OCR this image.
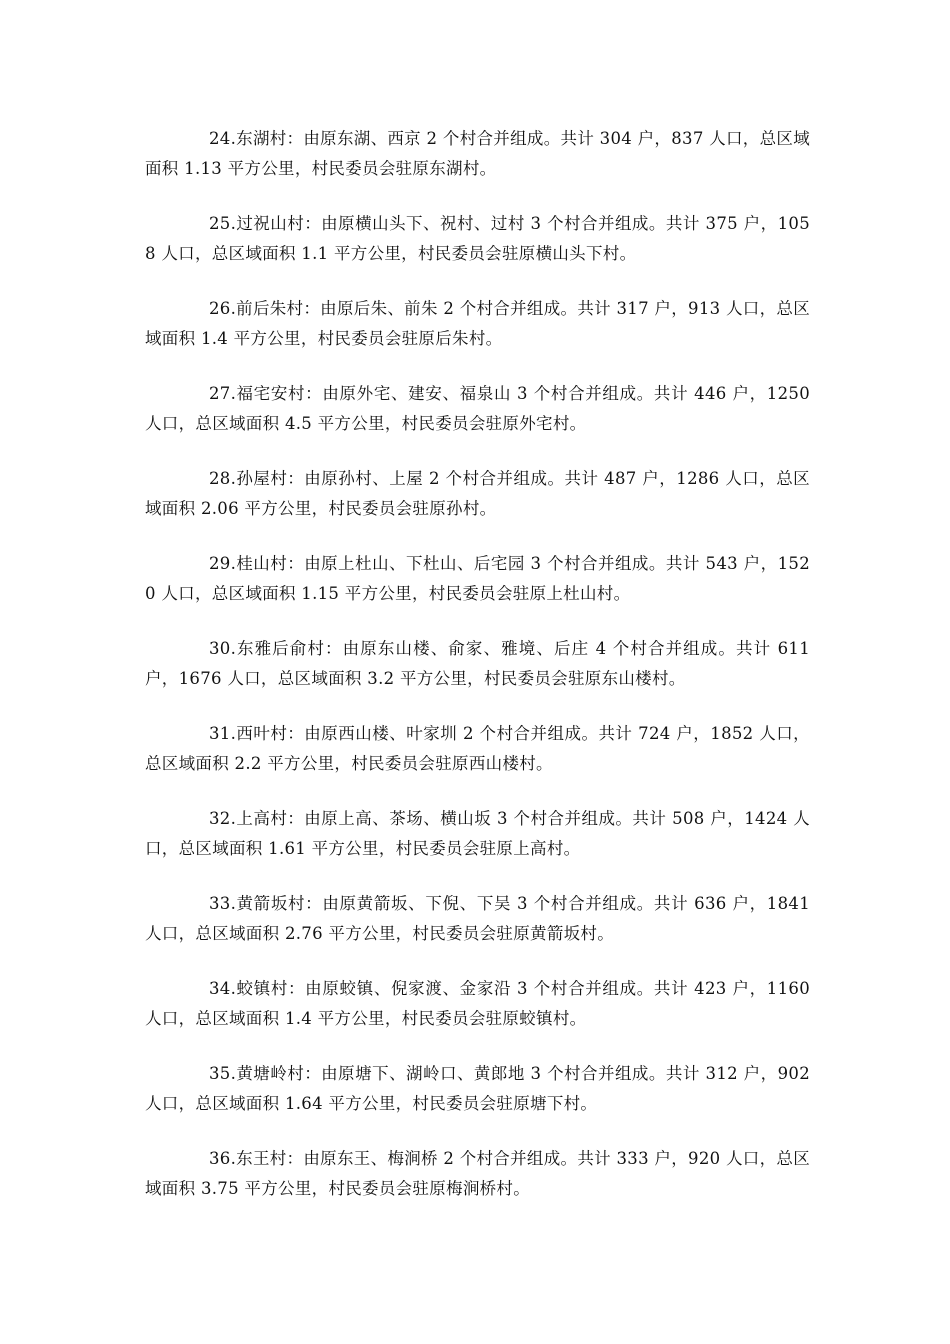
24.东湖村：由原东湖、西京 2 个村合并组成。共计 304 户，837 人口，总区域面积 1.13 平方公里，村民委员会驻原东湖村。

25.过祝山村：由原横山头下、祝村、过村 3 个村合并组成。共计 375 户，1058 人口，总区域面积 1.1 平方公里，村民委员会驻原横山头下村。

26.前后朱村：由原后朱、前朱 2 个村合并组成。共计 317 户，913 人口，总区域面积 1.4 平方公里，村民委员会驻原后朱村。

27.福宅安村：由原外宅、建安、福泉山 3 个村合并组成。共计 446 户，1250 人口，总区域面积 4.5 平方公里，村民委员会驻原外宅村。

28.孙屋村：由原孙村、上屋 2 个村合并组成。共计 487 户，1286 人口，总区域面积 2.06 平方公里，村民委员会驻原孙村。

29.桂山村：由原上杜山、下杜山、后宅园 3 个村合并组成。共计 543 户，1520 人口，总区域面积 1.15 平方公里，村民委员会驻原上杜山村。

30.东雅后俞村：由原东山楼、俞家、雅境、后庄 4 个村合并组成。共计 611 户，1676 人口，总区域面积 3.2 平方公里，村民委员会驻原东山楼村。

31.西叶村：由原西山楼、叶家圳 2 个村合并组成。共计 724 户，1852 人口，总区域面积 2.2 平方公里，村民委员会驻原西山楼村。

32.上高村：由原上高、茶场、横山坂 3 个村合并组成。共计 508 户，1424 人口，总区域面积 1.61 平方公里，村民委员会驻原上高村。

33.黄箭坂村：由原黄箭坂、下倪、下吴 3 个村合并组成。共计 636 户，1841 人口，总区域面积 2.76 平方公里，村民委员会驻原黄箭坂村。

34.蛟镇村：由原蛟镇、倪家渡、金家沿 3 个村合并组成。共计 423 户，1160 人口，总区域面积 1.4 平方公里，村民委员会驻原蛟镇村。

35.黄塘岭村：由原塘下、湖岭口、黄郎地 3 个村合并组成。共计 312 户，902 人口，总区域面积 1.64 平方公里，村民委员会驻原塘下村。

36.东王村：由原东王、梅涧桥 2 个村合并组成。共计 333 户，920 人口，总区域面积 3.75 平方公里，村民委员会驻原梅涧桥村。
